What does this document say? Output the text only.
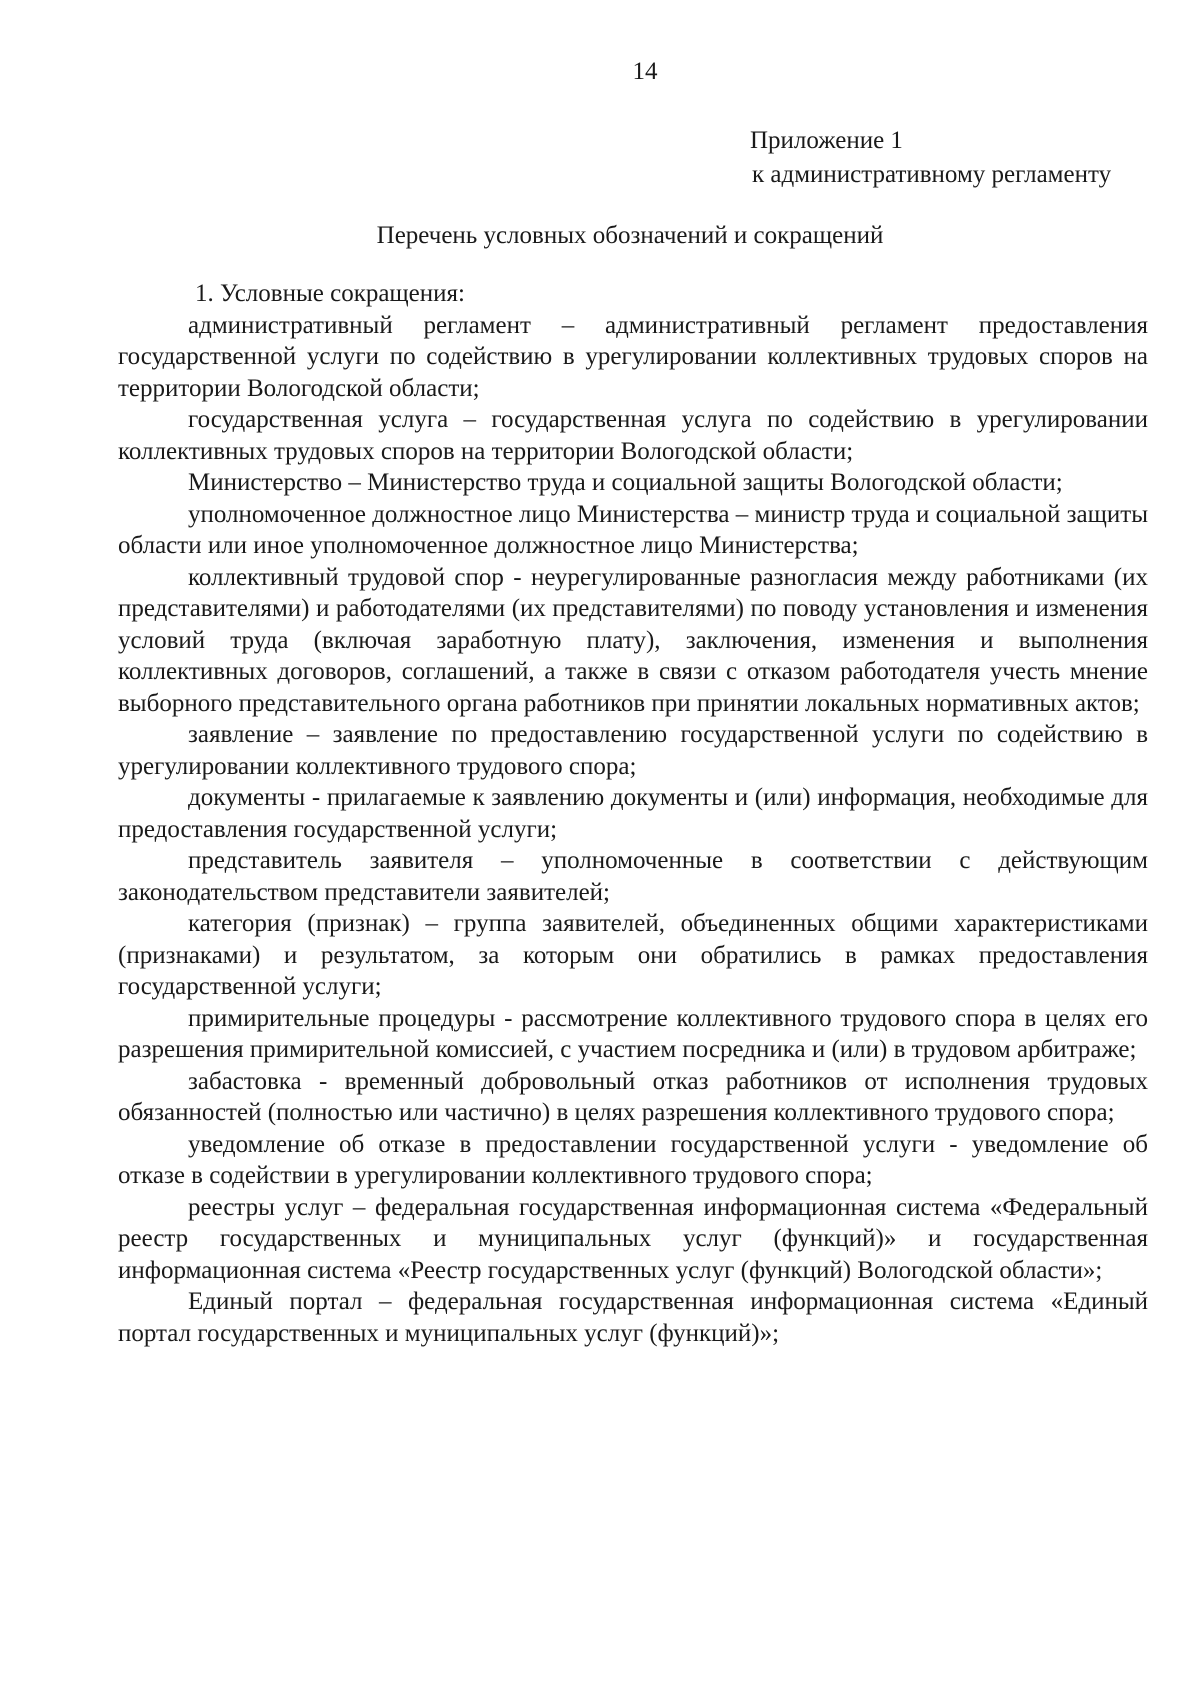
14
Приложение 1
к административному регламенту
Перечень условных обозначений и сокращений

1. Условные сокращения:

административный регламент – административный регламент предоставления государственной услуги по содействию в урегулировании коллективных трудовых споров на территории Вологодской области;

государственная услуга – государственная услуга по содействию в урегулировании коллективных трудовых споров на территории Вологодской области;

Министерство – Министерство труда и социальной защиты Вологодской области;

уполномоченное должностное лицо Министерства – министр труда и социальной защиты области или иное уполномоченное должностное лицо Министерства;

коллективный трудовой спор - неурегулированные разногласия между работниками (их представителями) и работодателями (их представителями) по поводу установления и изменения условий труда (включая заработную плату), заключения, изменения и выполнения коллективных договоров, соглашений, а также в связи с отказом работодателя учесть мнение выборного представительного органа работников при принятии локальных нормативных актов;

заявление – заявление по предоставлению государственной услуги по содействию в урегулировании коллективного трудового спора;

документы - прилагаемые к заявлению документы и (или) информация, необходимые для предоставления государственной услуги;

представитель заявителя – уполномоченные в соответствии с действующим законодательством представители заявителей;

категория (признак) – группа заявителей, объединенных общими характеристиками (признаками) и результатом, за которым они обратились в рамках предоставления государственной услуги;

примирительные процедуры - рассмотрение коллективного трудового спора в целях его разрешения примирительной комиссией, с участием посредника и (или) в трудовом арбитраже;

забастовка - временный добровольный отказ работников от исполнения трудовых обязанностей (полностью или частично) в целях разрешения коллективного трудового спора;

уведомление об отказе в предоставлении государственной услуги - уведомление об отказе в содействии в урегулировании коллективного трудового спора;

реестры услуг – федеральная государственная информационная система «Федеральный реестр государственных и муниципальных услуг (функций)» и государственная информационная система «Реестр государственных услуг (функций) Вологодской области»;

Единый портал – федеральная государственная информационная система «Единый портал государственных и муниципальных услуг (функций)»;
